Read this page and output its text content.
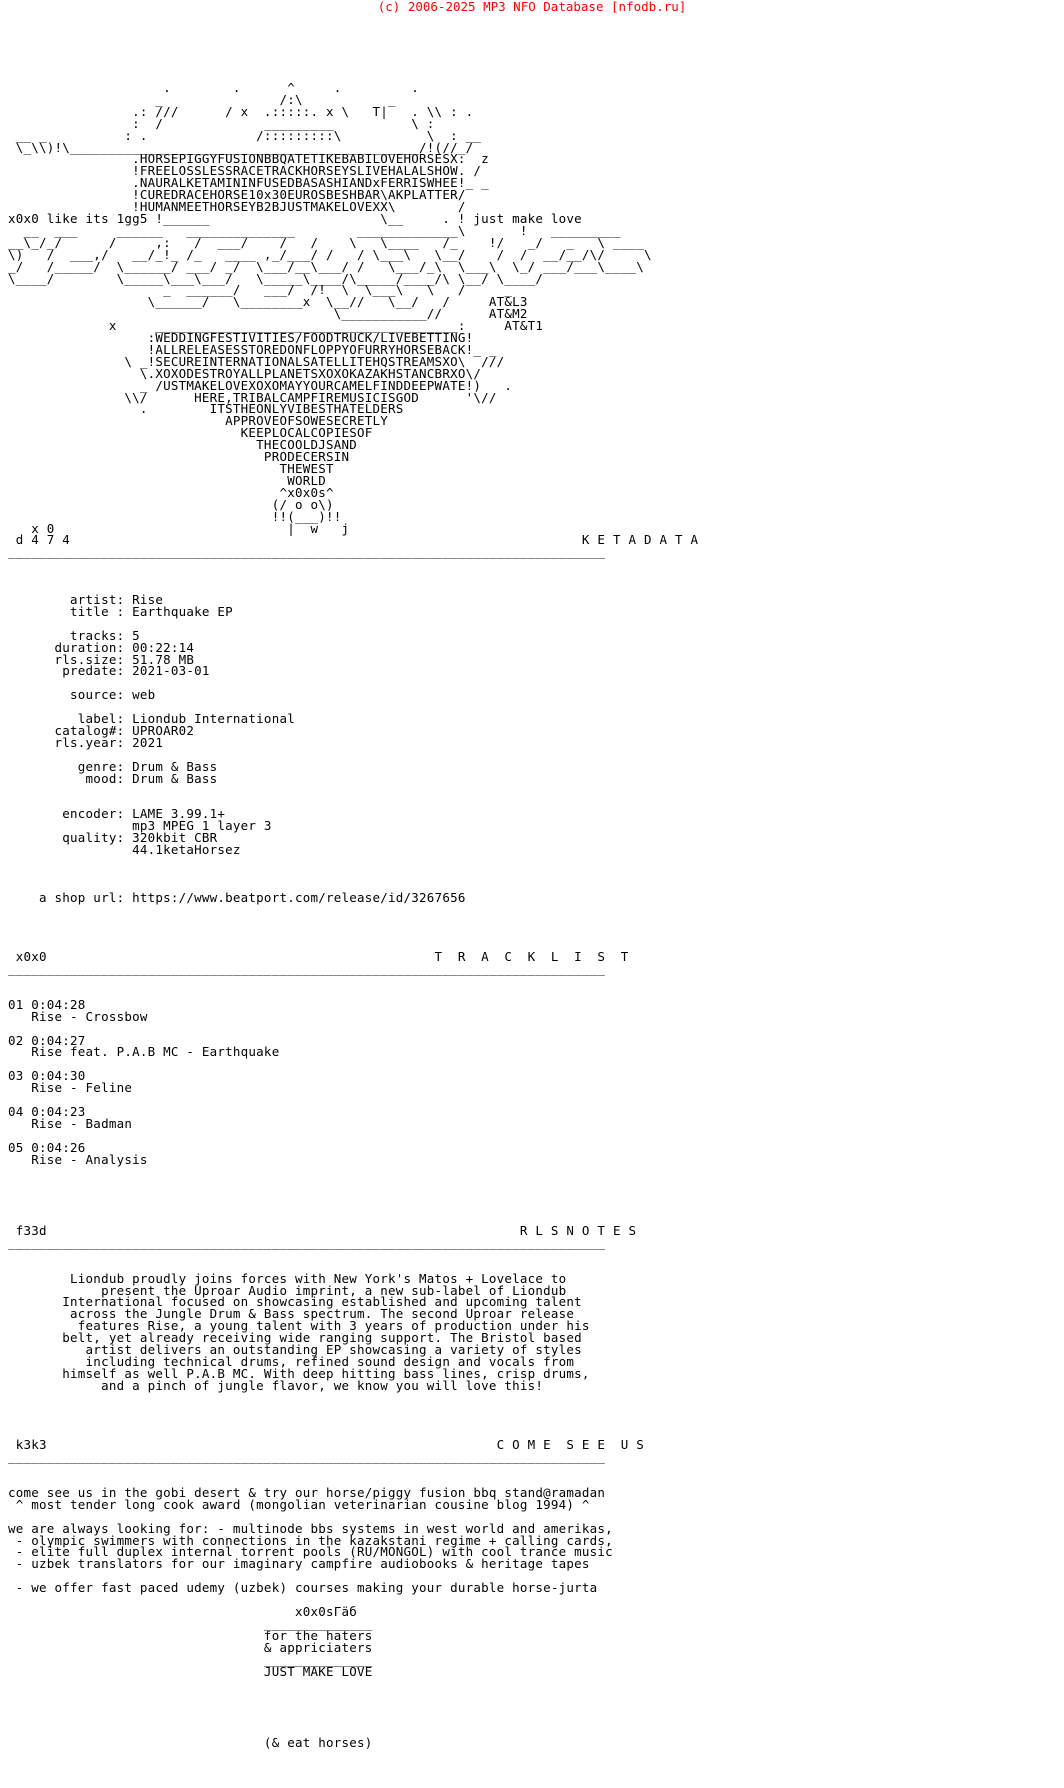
(c) 2006-2025 MP3 NFO Database [nfodb.ru]
.        .      ^     .         .
_               /:\           _
.: ///      / x  .:::::. x \   T|   . \\ : .
:  /             _________          \ :
__ _          : .              /:::::::::\           \  : __
\_\\)!\_____________________________________________/!(//_/
.HORSEPIGGYFUSIONBBQATETIKEBABILOVEHORSESX:  z
!FREELOSSLESSRACETRACKHORSEYSLIVEHALALSHOW. /
.NAURALKETAMININFUSEDBASASHIANDxFERRISWHEE!_ _
!CUREDRACEHORSE10x30EUROSBESHBAR\AKPLATTER/
!HUMANMEETHORSEYB2BJUSTMAKELOVEXX\        /
x0x0 like its 1gg5 !______                      \__     . ! just make love
__  ___     ______   ______________        _____________\       !   _________
__\_/_/      /     ,:   /  ___/    /   /    \   \____   /_    !/   _/   _   \ ____
\)   /  ___,/   __/_!_ /_   ____ ,_/___/ /   / \___\   \__/    /  /  __/__/\/     \
_/   /_____/  \______/ ___/ _/  \___/__\___/ /   \___/_\  \___\  \_/ ___/___\____\
\____/        \_____\___\___/   \_____\____/\_____/____/\ \__/ \____/
_  ______/   ___/  /!  \  \___\   \   /     _
\______/   \________x  \__//   \__/   /     AT&L3
\___________//      AT&M2
x     _______________________________________:     AT&T1
:WEDDINGFESTIVITIES/FOODTRUCK/LIVEBETTING!
!ALLRELEASESSTOREDONFLOPPYOFURRYHORSEBACK!_ _
\ _!SECUREINTERNATIONALSATELLITEHQSTREAMSXO\  ///
\.XOXODESTROYALLPLANETSXOXOKAZAKHSTANCBRXO\/
_ /USTMAKELOVEXOXOMAYYOURCAMELFINDDEEPWATE!)   .
\\/      HERE,TRIBALCAMPFIREMUSICISGOD      '\//
.        ITSTHEONLYVIBESTHATELDERS
APPROVEOFSOWESECRETLY
KEEPLOCALCOPIESOF
THECOOLDJSAND
PRODECERSIN
THEWEST
WORLD
^x0x0s^
(/ o o\)
!!(___)!!
x 0                              |  w   j
d 4 7 4                                                                  K E T A D A T A
_____________________________________________________________________________
artist: Rise
title : Earthquake EP
tracks: 5
duration: 00:22:14
rls.size: 51.78 MB
predate: 2021-03-01
source: web
label: Liondub International
catalog#: UPROAR02
rls.year: 2021
genre: Drum & Bass
mood: Drum & Bass
encoder: LAME 3.99.1+
mp3 MPEG 1 layer 3
quality: 320kbit CBR
44.1ketaHorsez
a shop url: https://www.beatport.com/release/id/3267656
x0x0                                                  T  R  A  C  K  L  I  S  T
_____________________________________________________________________________
01 0:04:28
Rise - Crossbow
02 0:04:27
Rise feat. P.A.B MC - Earthquake
03 0:04:30
Rise - Feline
04 0:04:23
Rise - Badman
05 0:04:26
Rise - Analysis
f33d                                                             R L S N O T E S
_____________________________________________________________________________
Liondub proudly joins forces with New York's Matos + Lovelace to
present the Uproar Audio imprint, a new sub-label of Liondub
International focused on showcasing established and upcoming talent
across the Jungle Drum & Bass spectrum. The second Uproar release
features Rise, a young talent with 3 years of production under his
belt, yet already receiving wide ranging support. The Bristol based
artist delivers an outstanding EP showcasing a variety of styles
including technical drums, refined sound design and vocals from
himself as well P.A.B MC. With deep hitting bass lines, crisp drums,
and a pinch of jungle flavor, we know you will love this!
k3k3                                                          C O M E  S E E  U S
_____________________________________________________________________________
come see us in the gobi desert & try our horse/piggy fusion bbq stand@ramadan
^ most tender long cook award (mongolian veterinarian cousine blog 1994) ^
we are always looking for: - multinode bbs systems in west world and amerikas,
- olympic swimmers with connections in the kazakstani regime + calling cards,
- elite full duplex internal torrent pools (RU/MONGOL) with cool trance music
- uzbek translators for our imaginary campfire audiobooks & heritage tapes
- we offer fast paced udemy (uzbek) courses making your durable horse-jurta
x0x0sГäб
______________
for the haters
& appriciaters
______________
JUST MAKE LOVE
(& eat horses)
